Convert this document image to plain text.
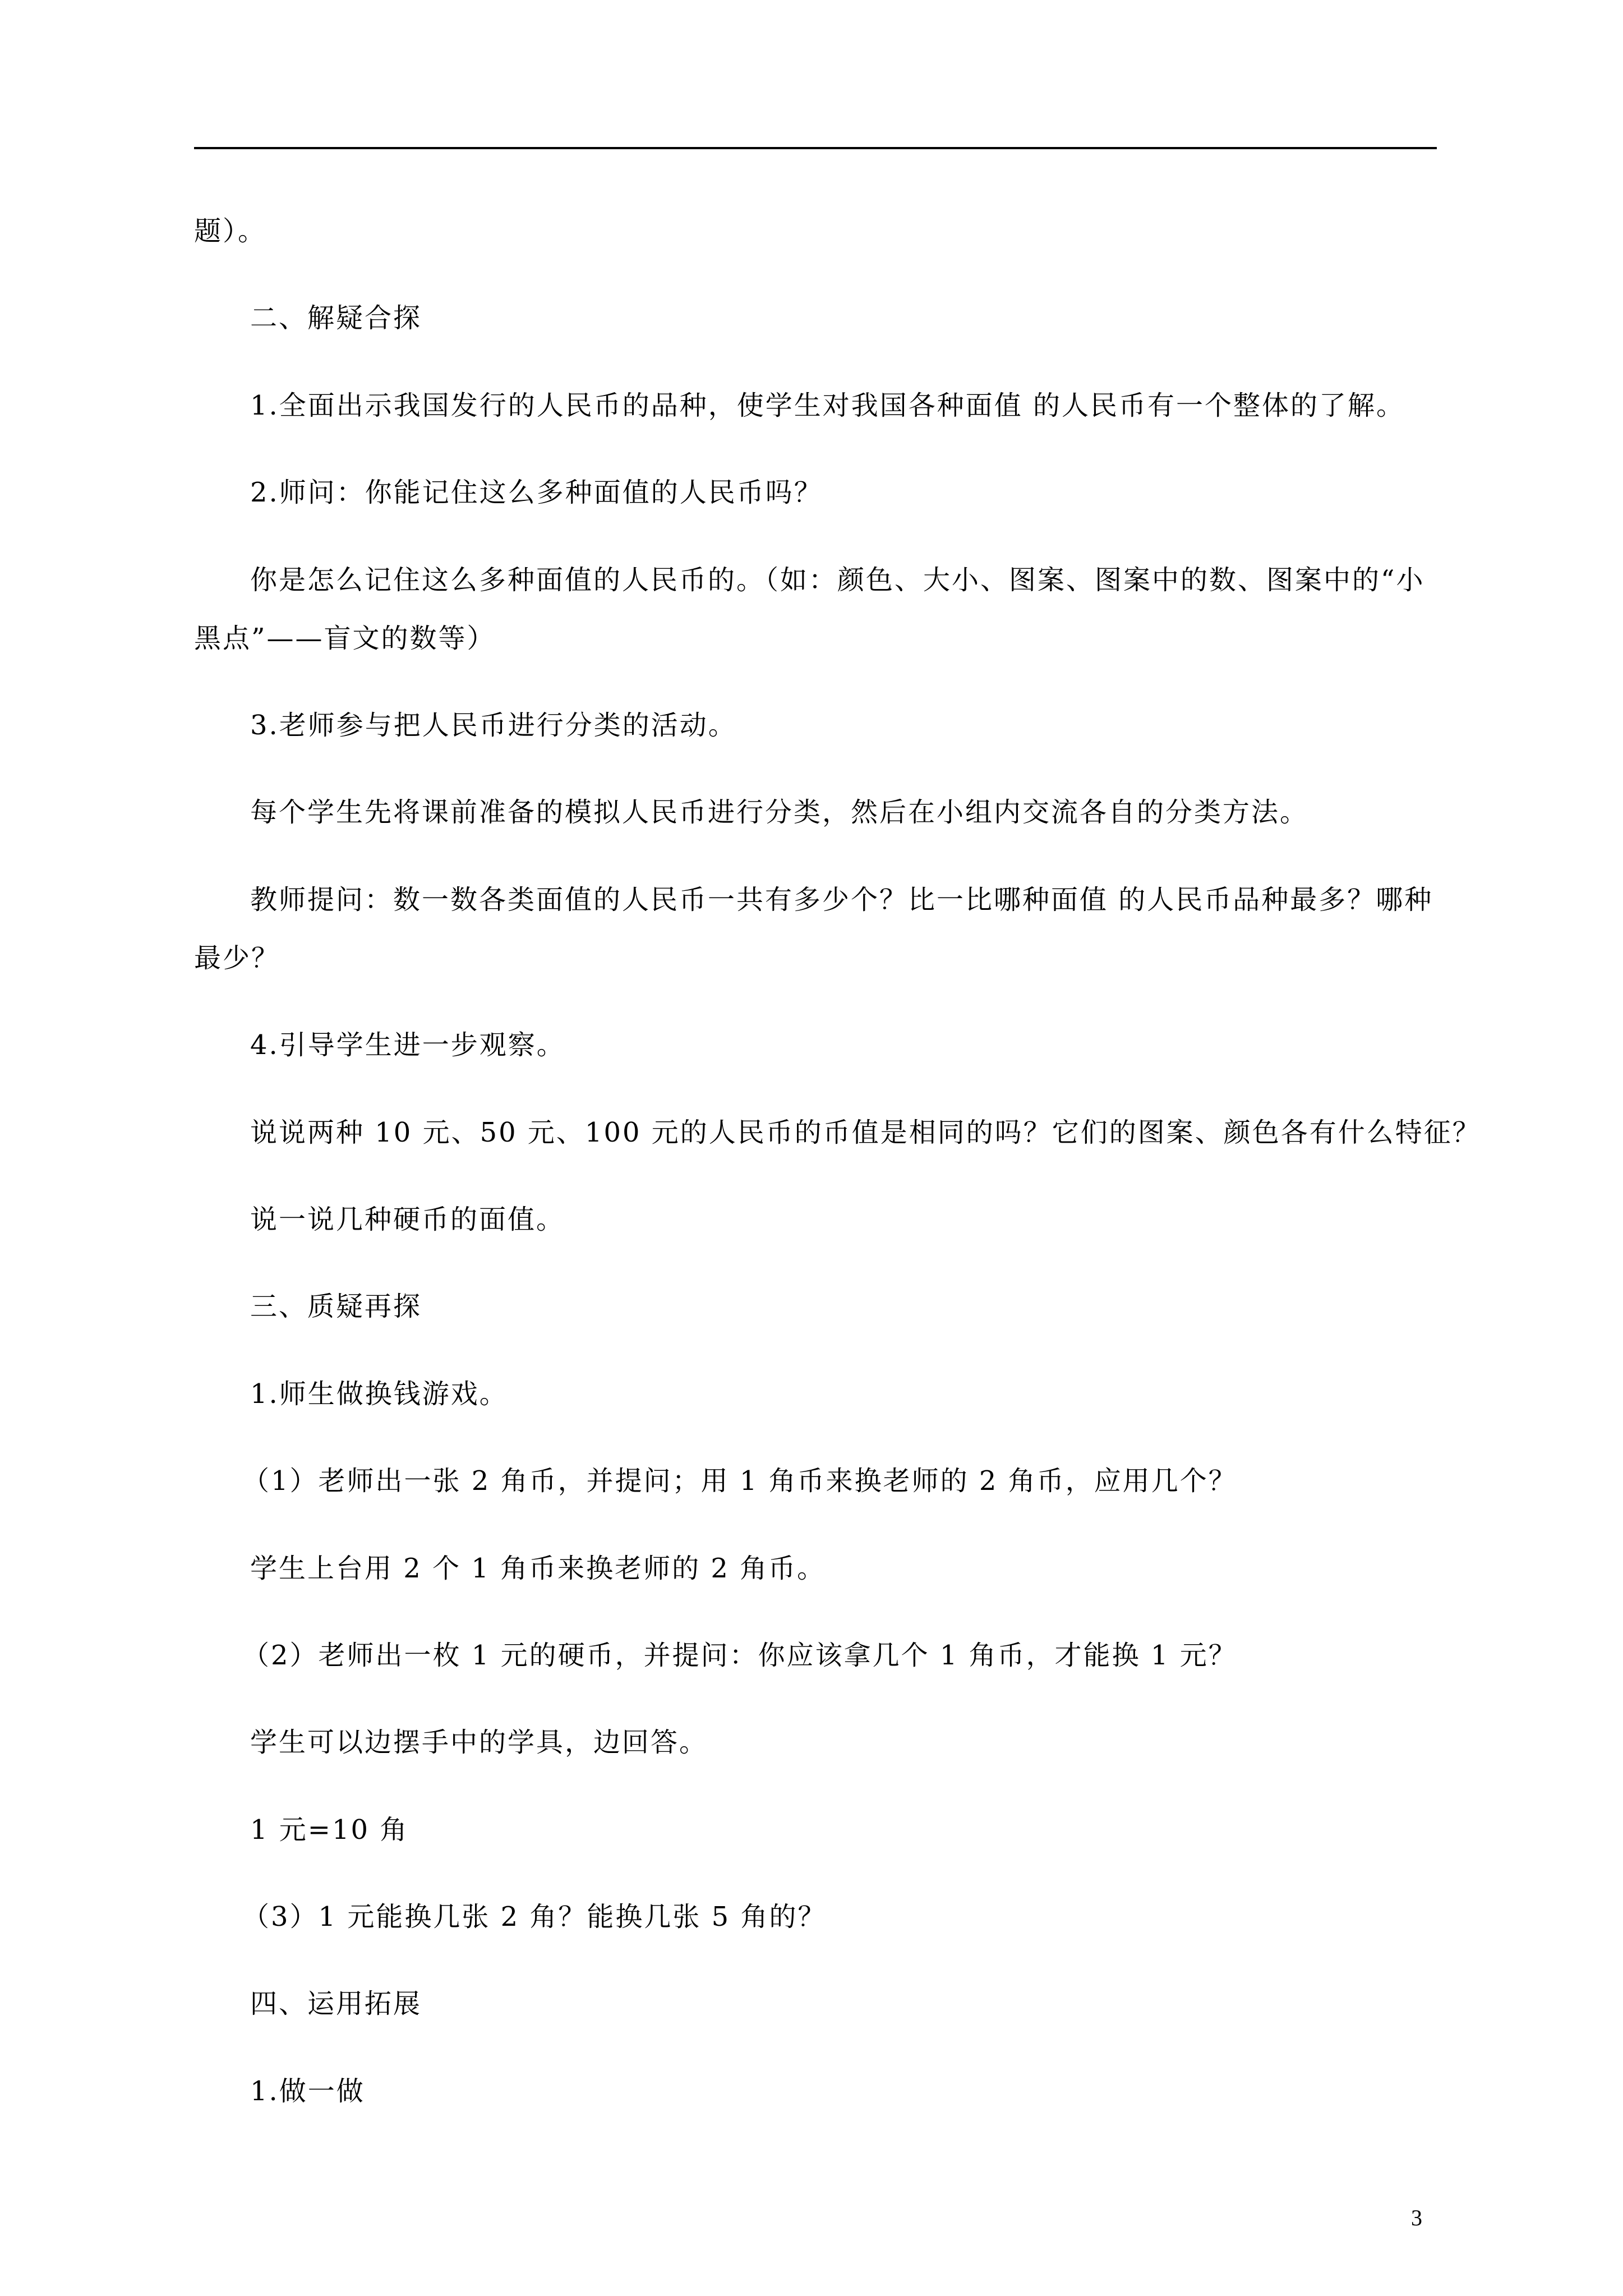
题）。
二、解疑合探
1.全面出示我国发行的人民币的品种，使学生对我国各种面值 的人民币有一个整体的了解。
2.师问：你能记住这么多种面值的人民币吗？
你是怎么记住这么多种面值的人民币的。（如：颜色、大小、图案、图案中的数、图案中的“小
黑点”——盲文的数等）
3.老师参与把人民币进行分类的活动。
每个学生先将课前准备的模拟人民币进行分类，然后在小组内交流各自的分类方法。
教师提问：数一数各类面值的人民币一共有多少个？比一比哪种面值 的人民币品种最多？哪种
最少？
4.引导学生进一步观察。
说说两种 10 元、50 元、100 元的人民币的币值是相同的吗？它们的图案、颜色各有什么特征？
说一说几种硬币的面值。
三、质疑再探
1.师生做换钱游戏。
（1）老师出一张 2 角币，并提问；用 1 角币来换老师的 2 角币，应用几个？
学生上台用 2 个 1 角币来换老师的 2 角币。
（2）老师出一枚 1 元的硬币，并提问：你应该拿几个 1 角币，才能换 1 元？
学生可以边摆手中的学具，边回答。
1 元=10 角
（3）1 元能换几张 2 角？能换几张 5 角的？
四、运用拓展
1.做一做
3
